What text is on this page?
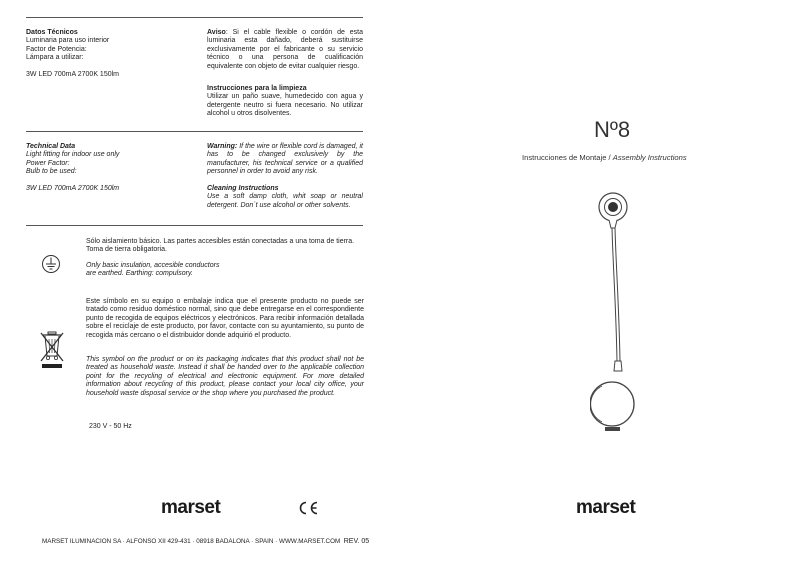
Datos Técnicos
Luminaria para uso interior
Factor de Potencia:
Lámpara a utilizar:
3W LED 700mA 2700K 150lm
Aviso: Si el cable flexible o cordón de esta luminaria esta dañado, deberá sustituirse exclusivamente por el fabricante o su servicio técnico o una persona de cualificación equivalente con objeto de evitar cualquier riesgo.
Instrucciones para la limpieza
Utilizar un paño suave, humedecido con agua y detergente neutro si fuera necesario. No utilizar alcohol u otros disolventes.
Technical Data
Light fitting for indoor use only
Power Factor:
Bulb to be used:
3W LED 700mA 2700K 150lm
Warning: If the wire or flexible cord is damaged, it has to be changed exclusively by the manufacturer, his technical service or a qualified personnel in order to avoid any risk.
Cleaning Instructions
Use a soft damp cloth, whit soap or neutral detergent. Don´t use alcohol or other solvents.
Sólo aislamiento básico. Las partes accesibles están conectadas a una toma de tierra.
Toma de tierra obligatoria.
Only basic insulation, accesible conductors
are earthed. Earthing: compulsory.
Este símbolo en su equipo o embalaje indica que el presente producto no puede ser tratado como residuo doméstico normal, sino que debe entregarse en el correspondiente punto de recogida de equipos eléctricos y electrónicos. Para recibir información detallada sobre el reciclaje de este producto, por favor, contacte con su ayuntamiento, su punto de recogida más cercano o el distribuidor donde adquirió el producto.
This symbol on the product or on its packaging indicates that this product shall not be treated as household waste. Instead it shall be handed over to the applicable collection point for the recycling of electrical and electronic equipment. For more detailed information about recycling of this product, please contact your local city office, your household waste disposal service or the shop where you purchased the product.
230 V - 50 Hz
marset
MARSET ILUMINACION SA · ALFONSO XII 429-431 · 08918 BADALONA · SPAIN · WWW.MARSET.COM REV. 05
Nº8
Instrucciones de Montaje / Assembly Instructions
marset
